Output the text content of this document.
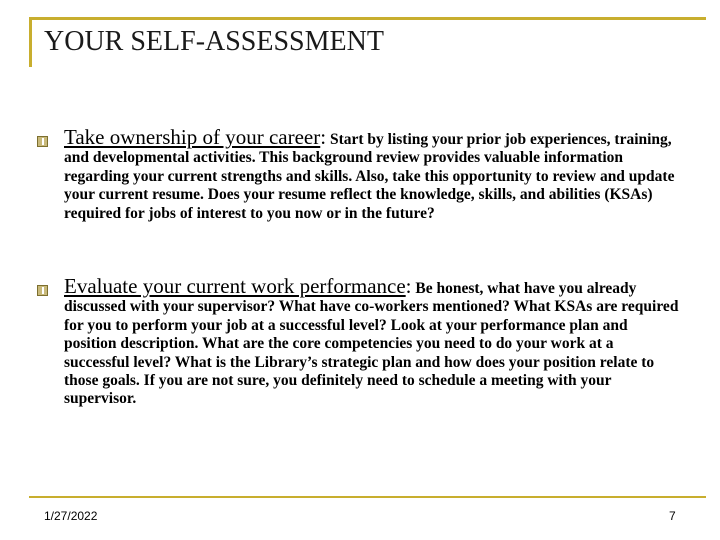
YOUR SELF-ASSESSMENT
Take ownership of your career: Start by listing your prior job experiences, training, and developmental activities. This background review provides valuable information regarding your current strengths and skills. Also, take this opportunity to review and update your current resume. Does your resume reflect the knowledge, skills, and abilities (KSAs) required for jobs of interest to you now or in the future?
Evaluate your current work performance: Be honest, what have you already discussed with your supervisor? What have co-workers mentioned? What KSAs are required for you to perform your job at a successful level? Look at your performance plan and position description. What are the core competencies you need to do your work at a successful level? What is the Library’s strategic plan and how does your position relate to those goals. If you are not sure, you definitely need to schedule a meeting with your supervisor.
1/27/2022	7
